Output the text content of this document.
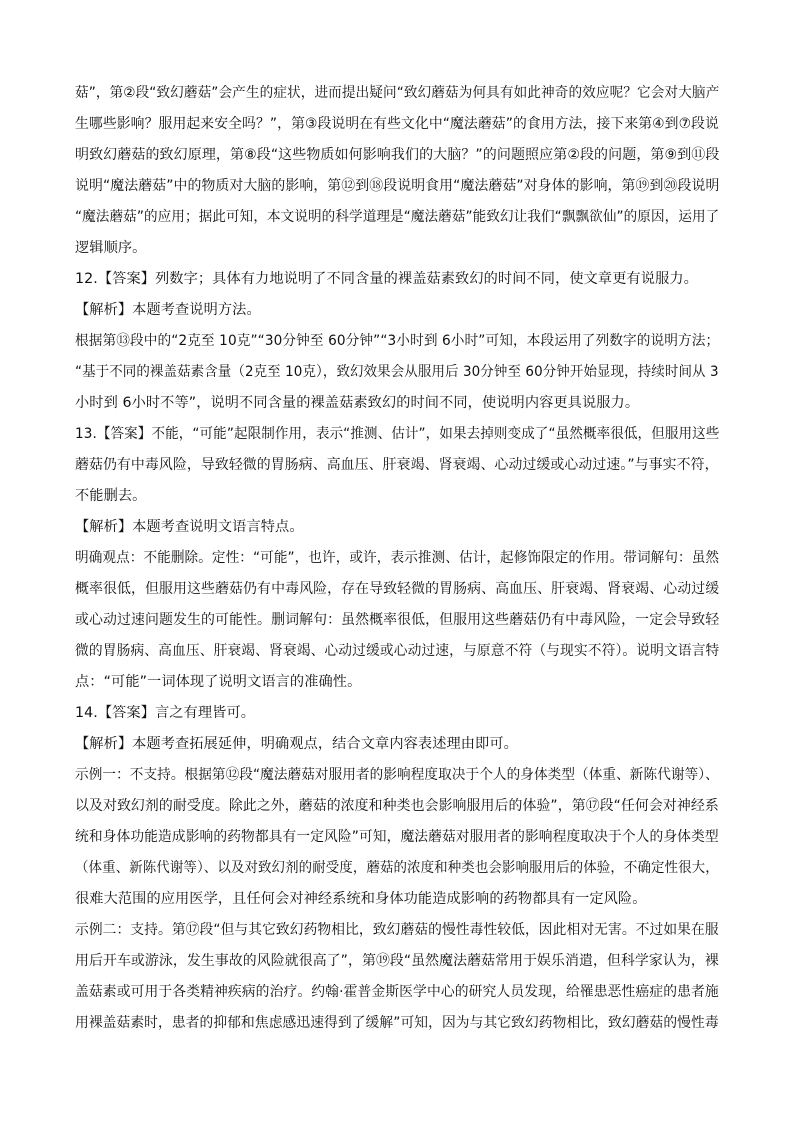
菇”，第②段“致幻蘑菇”会产生的症状，进而提出疑问“致幻蘑菇为何具有如此神奇的效应呢？它会对大脑产
生哪些影响？服用起来安全吗？”，第③段说明在有些文化中“魔法蘑菇”的食用方法，接下来第④到⑦段说
明致幻蘑菇的致幻原理，第⑧段“这些物质如何影响我们的大脑？”的问题照应第②段的问题，第⑨到⑪段
说明“魔法蘑菇”中的物质对大脑的影响，第⑫到⑱段说明食用“魔法蘑菇”对身体的影响，第⑲到⑳段说明
“魔法蘑菇”的应用；据此可知，本文说明的科学道理是“魔法蘑菇”能致幻让我们“飘飘欲仙”的原因，运用了
逻辑顺序。
12.【答案】列数字；具体有力地说明了不同含量的裸盖菇素致幻的时间不同，使文章更有说服力。
【解析】本题考查说明方法。
根据第⑬段中的“2克至 10克”“30分钟至 60分钟”“3小时到 6小时”可知，本段运用了列数字的说明方法；
“基于不同的裸盖菇素含量（2克至 10克），致幻效果会从服用后 30分钟至 60分钟开始显现，持续时间从 3
小时到 6小时不等”，说明不同含量的裸盖菇素致幻的时间不同，使说明内容更具说服力。
13.【答案】不能，“可能”起限制作用，表示“推测、估计”，如果去掉则变成了“虽然概率很低，但服用这些
蘑菇仍有中毒风险，导致轻微的胃肠病、高血压、肝衰竭、肾衰竭、心动过缓或心动过速。”与事实不符，
不能删去。
【解析】本题考查说明文语言特点。
明确观点：不能删除。定性：“可能”，也许，或许，表示推测、估计，起修饰限定的作用。带词解句：虽然
概率很低，但服用这些蘑菇仍有中毒风险，存在导致轻微的胃肠病、高血压、肝衰竭、肾衰竭、心动过缓
或心动过速问题发生的可能性。删词解句：虽然概率很低，但服用这些蘑菇仍有中毒风险，一定会导致轻
微的胃肠病、高血压、肝衰竭、肾衰竭、心动过缓或心动过速，与原意不符（与现实不符）。说明文语言特
点：“可能”一词体现了说明文语言的准确性。
14.【答案】言之有理皆可。
【解析】本题考查拓展延伸，明确观点，结合文章内容表述理由即可。
示例一：不支持。根据第⑫段“魔法蘑菇对服用者的影响程度取决于个人的身体类型（体重、新陈代谢等）、
以及对致幻剂的耐受度。除此之外，蘑菇的浓度和种类也会影响服用后的体验”，第⑰段“任何会对神经系
统和身体功能造成影响的药物都具有一定风险”可知，魔法蘑菇对服用者的影响程度取决于个人的身体类型
（体重、新陈代谢等）、以及对致幻剂的耐受度，蘑菇的浓度和种类也会影响服用后的体验，不确定性很大，
很难大范围的应用医学，且任何会对神经系统和身体功能造成影响的药物都具有一定风险。
示例二：支持。第⑰段“但与其它致幻药物相比，致幻蘑菇的慢性毒性较低，因此相对无害。不过如果在服
用后开车或游泳，发生事故的风险就很高了”，第⑲段“虽然魔法蘑菇常用于娱乐消遣，但科学家认为，裸
盖菇素或可用于各类精神疾病的治疗。约翰·霍普金斯医学中心的研究人员发现，给罹患恶性癌症的患者施
用裸盖菇素时，患者的抑郁和焦虑感迅速得到了缓解”可知，因为与其它致幻药物相比，致幻蘑菇的慢性毒
